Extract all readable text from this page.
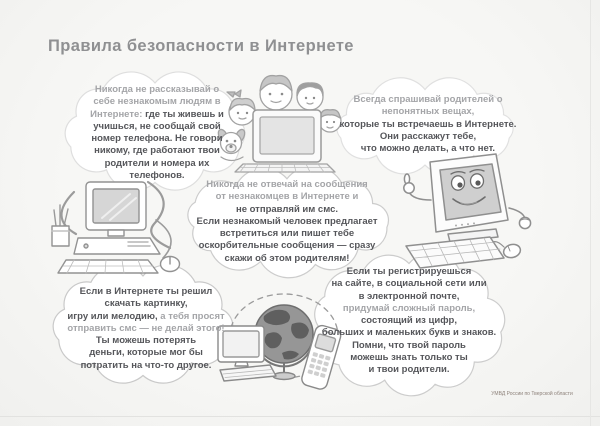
Правила безопасности в Интернете
Никогда не рассказывай о
себе незнакомым людям в
Интернете: где ты живешь и
учишься, не сообщай свой
номер телефона. Не говори
никому, где работают твои
родители и номера их
телефонов.
Всегда спрашивай родителей о
непонятных вещах,
которые ты встречаешь в Интернете.
Они расскажут тебе,
что можно делать, а что нет.
Никогда не отвечай на сообщения
от незнакомцев в Интернете и
не отправляй им смс.
Если незнакомый человек предлагает
встретиться или пишет тебе
оскорбительные сообщения — сразу
скажи об этом родителям!
Если в Интернете ты решил
скачать картинку,
игру или мелодию, а тебя просят
отправить смс — не делай этого!
Ты можешь потерять
деньги, которые мог бы
потратить на что-то другое.
Если ты регистрируешься
на сайте, в социальной сети или
в электронной почте,
придумай сложный пароль,
состоящий из цифр,
больших и маленьких букв и знаков.
Помни, что твой пароль
можешь знать только ты
и твои родители.
УМВД России по Тверской области
